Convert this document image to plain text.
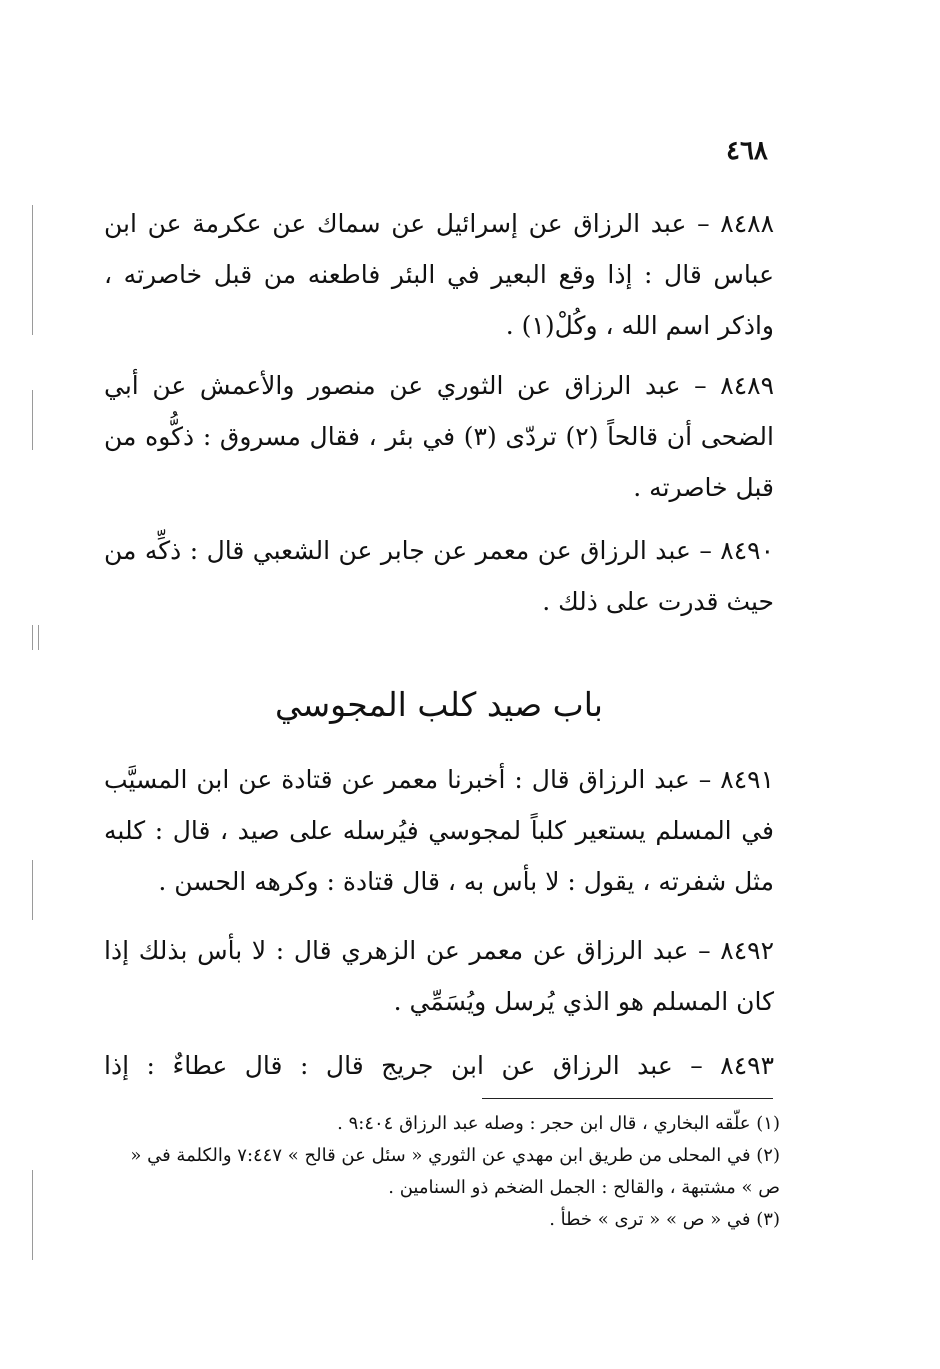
٤٦٨
٨٤٨٨ – عبد الرزاق عن إسرائيل عن سماك عن عكرمة عن ابن عباس قال : إذا وقع البعير في البئر فاطعنه من قبل خاصرته ، واذكر اسم الله ، وكُلْ(١) .
٨٤٨٩ – عبد الرزاق عن الثوري عن منصور والأعمش عن أبي الضحى أن قالحاً (٢) تردّى (٣) في بئر ، فقال مسروق : ذكُّوه من قبل خاصرته .
٨٤٩٠ – عبد الرزاق عن معمر عن جابر عن الشعبي قال : ذكِّه من حيث قدرت على ذلك .
باب صيد كلب المجوسي
٨٤٩١ – عبد الرزاق قال : أخبرنا معمر عن قتادة عن ابن المسيَّب في المسلم يستعير كلباً لمجوسي فيُرسله على صيد ، قال : كلبه مثل شفرته ، يقول : لا بأس به ، قال قتادة : وكرهه الحسن .
٨٤٩٢ – عبد الرزاق عن معمر عن الزهري قال : لا بأس بذلك إذا كان المسلم هو الذي يُرسل ويُسَمِّي .
٨٤٩٣ – عبد الرزاق عن ابن جريج قال : قال عطاءٌ : إذا
(١) علّقه البخاري ، قال ابن حجر : وصله عبد الرزاق ٩:٤٠٤ .
(٢) في المحلى من طريق ابن مهدي عن الثوري « سئل عن قالح » ٧:٤٤٧ والكلمة في « ص » مشتبهة ، والقالح : الجمل الضخم ذو السنامين .
(٣) في « ص » « ترى » خطأ .
